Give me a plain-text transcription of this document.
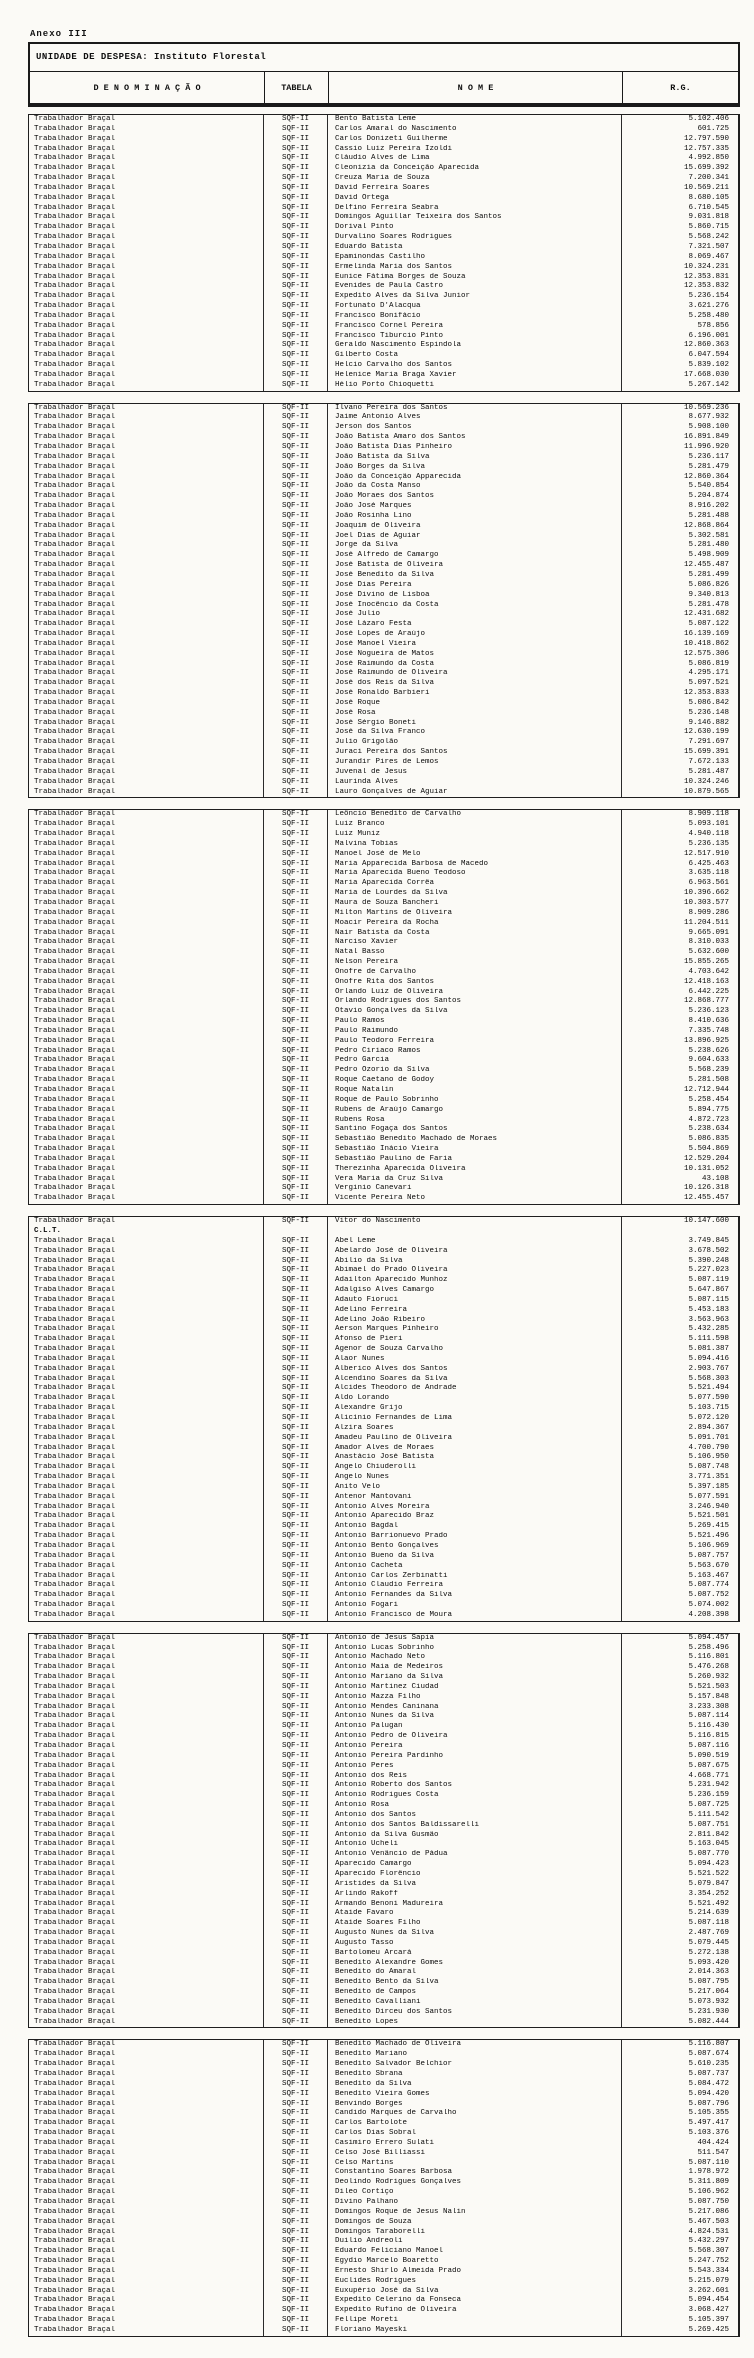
Anexo III
UNIDADE DE DESPESA: Instituto Florestal
D E N O M I N A Ç Ã O	TABELA	N O M E	R.G.
Trabalhador Braçal	SQF-II	Bento Batista Leme	5.102.406
Trabalhador Braçal	SQF-II	Carlos Amaral do Nascimento	601.725
Trabalhador Braçal	SQF-II	Carlos Donizeti Guilherme	12.797.590
Trabalhador Braçal	SQF-II	Cassio Luiz Pereira Izoldi	12.757.335
Trabalhador Braçal	SQF-II	Cláudio Alves de Lima	4.992.850
Trabalhador Braçal	SQF-II	Cleonizia da Conceição Aparecida	15.699.392
Trabalhador Braçal	SQF-II	Creuza Maria de Souza	7.200.341
Trabalhador Braçal	SQF-II	David Ferreira Soares	10.569.211
Trabalhador Braçal	SQF-II	David Ortega	8.680.105
Trabalhador Braçal	SQF-II	Delfino Ferreira Seabra	6.710.545
Trabalhador Braçal	SQF-II	Domingos Aguillar Teixeira dos Santos	9.031.818
Trabalhador Braçal	SQF-II	Dorival Pinto	5.860.715
Trabalhador Braçal	SQF-II	Durvalino Soares Rodrigues	5.568.242
Trabalhador Braçal	SQF-II	Eduardo Batista	7.321.507
Trabalhador Braçal	SQF-II	Epaminondas Castilho	8.069.467
Trabalhador Braçal	SQF-II	Ermelinda Maria dos Santos	10.324.231
Trabalhador Braçal	SQF-II	Eunice Fátima Borges de Souza	12.353.831
Trabalhador Braçal	SQF-II	Evenides de Paula Castro	12.353.832
Trabalhador Braçal	SQF-II	Expedito Alves da Silva Junior	5.236.154
Trabalhador Braçal	SQF-II	Fortunato D'Alacqua	3.621.276
Trabalhador Braçal	SQF-II	Francisco Bonifácio	5.258.480
Trabalhador Braçal	SQF-II	Francisco Cornel Pereira	578.856
Trabalhador Braçal	SQF-II	Francisco Tiburcio Pinto	6.196.001
Trabalhador Braçal	SQF-II	Geraldo Nascimento Espindola	12.860.363
Trabalhador Braçal	SQF-II	Gilberto Costa	6.047.594
Trabalhador Braçal	SQF-II	Helcio Carvalho dos Santos	5.839.102
Trabalhador Braçal	SQF-II	Helenice Maria Braga Xavier	17.668.030
Trabalhador Braçal	SQF-II	Hélio Porto Chioquetti	5.267.142
Trabalhador Braçal	SQF-II	Ilvano Pereira dos Santos	10.569.236
Trabalhador Braçal	SQF-II	Jaime Antonio Alves	8.677.932
Trabalhador Braçal	SQF-II	Jerson dos Santos	5.908.100
Trabalhador Braçal	SQF-II	João Batista Amaro dos Santos	16.891.849
Trabalhador Braçal	SQF-II	João Batista Dias Pinheiro	11.996.920
Trabalhador Braçal	SQF-II	João Batista da Silva	5.236.117
Trabalhador Braçal	SQF-II	João Borges da Silva	5.281.479
Trabalhador Braçal	SQF-II	João da Conceição Apparecida	12.860.364
Trabalhador Braçal	SQF-II	João da Costa Manso	5.540.854
Trabalhador Braçal	SQF-II	João Moraes dos Santos	5.204.874
Trabalhador Braçal	SQF-II	João José Marques	8.916.202
Trabalhador Braçal	SQF-II	João Rosinha Lino	5.281.488
Trabalhador Braçal	SQF-II	Joaquim de Oliveira	12.868.864
Trabalhador Braçal	SQF-II	Joel Dias de Aguiar	5.302.581
Trabalhador Braçal	SQF-II	Jorge da Silva	5.281.480
Trabalhador Braçal	SQF-II	José Alfredo de Camargo	5.498.909
Trabalhador Braçal	SQF-II	José Batista de Oliveira	12.455.487
Trabalhador Braçal	SQF-II	José Benedito da Silva	5.281.499
Trabalhador Braçal	SQF-II	José Dias Pereira	5.086.826
Trabalhador Braçal	SQF-II	José Divino de Lisboa	9.340.813
Trabalhador Braçal	SQF-II	José Inocêncio da Costa	5.281.478
Trabalhador Braçal	SQF-II	José Julio	12.431.682
Trabalhador Braçal	SQF-II	José Lázaro Festa	5.087.122
Trabalhador Braçal	SQF-II	José Lopes de Araújo	16.139.169
Trabalhador Braçal	SQF-II	José Manoel Vieira	10.418.862
Trabalhador Braçal	SQF-II	José Nogueira de Matos	12.575.306
Trabalhador Braçal	SQF-II	José Raimundo da Costa	5.086.819
Trabalhador Braçal	SQF-II	José Raimundo de Oliveira	4.295.171
Trabalhador Braçal	SQF-II	José dos Reis da Silva	5.097.521
Trabalhador Braçal	SQF-II	José Ronaldo Barbieri	12.353.833
Trabalhador Braçal	SQF-II	José Roque	5.086.842
Trabalhador Braçal	SQF-II	José Rosa	5.236.148
Trabalhador Braçal	SQF-II	José Sérgio Boneti	9.146.882
Trabalhador Braçal	SQF-II	José da Silva Franco	12.630.199
Trabalhador Braçal	SQF-II	Julio Grigolão	7.291.697
Trabalhador Braçal	SQF-II	Juraci Pereira dos Santos	15.699.391
Trabalhador Braçal	SQF-II	Jurandir Pires de Lemos	7.672.133
Trabalhador Braçal	SQF-II	Juvenal de Jesus	5.281.487
Trabalhador Braçal	SQF-II	Laurinda Alves	10.324.246
Trabalhador Braçal	SQF-II	Lauro Gonçalves de Aguiar	10.879.565
Trabalhador Braçal	SQF-II	Leôncio Benedito de Carvalho	8.909.118
Trabalhador Braçal	SQF-II	Luiz Branco	5.093.101
Trabalhador Braçal	SQF-II	Luiz Muniz	4.940.118
Trabalhador Braçal	SQF-II	Malvina Tobias	5.236.135
Trabalhador Braçal	SQF-II	Manoel José de Melo	12.517.910
Trabalhador Braçal	SQF-II	Maria Apparecida Barbosa de Macedo	6.425.463
Trabalhador Braçal	SQF-II	Maria Aparecida Bueno Teodoso	3.635.118
Trabalhador Braçal	SQF-II	Maria Aparecida Corrêa	6.963.561
Trabalhador Braçal	SQF-II	Maria de Lourdes da Silva	10.396.662
Trabalhador Braçal	SQF-II	Maura de Souza Bancheri	10.303.577
Trabalhador Braçal	SQF-II	Milton Martins de Oliveira	8.909.286
Trabalhador Braçal	SQF-II	Moacir Pereira da Rocha	11.204.511
Trabalhador Braçal	SQF-II	Nair Batista da Costa	9.665.091
Trabalhador Braçal	SQF-II	Narciso Xavier	8.310.033
Trabalhador Braçal	SQF-II	Natal Basso	5.632.600
Trabalhador Braçal	SQF-II	Nelson Pereira	15.855.265
Trabalhador Braçal	SQF-II	Onofre de Carvalho	4.703.642
Trabalhador Braçal	SQF-II	Onofre Rita dos Santos	12.418.163
Trabalhador Braçal	SQF-II	Orlando Luiz de Oliveira	6.442.225
Trabalhador Braçal	SQF-II	Orlando Rodrigues dos Santos	12.868.777
Trabalhador Braçal	SQF-II	Otavio Gonçalves da Silva	5.236.123
Trabalhador Braçal	SQF-II	Paulo Ramos	8.410.636
Trabalhador Braçal	SQF-II	Paulo Raimundo	7.335.748
Trabalhador Braçal	SQF-II	Paulo Teodoro Ferreira	13.896.925
Trabalhador Braçal	SQF-II	Pedro Ciriaco Ramos	5.238.626
Trabalhador Braçal	SQF-II	Pedro Garcia	9.604.633
Trabalhador Braçal	SQF-II	Pedro Ozorio da Silva	5.568.239
Trabalhador Braçal	SQF-II	Roque Caetano de Godoy	5.281.508
Trabalhador Braçal	SQF-II	Roque Natalin	12.712.944
Trabalhador Braçal	SQF-II	Roque de Paulo Sobrinho	5.258.454
Trabalhador Braçal	SQF-II	Rubens de Araújo Camargo	5.894.775
Trabalhador Braçal	SQF-II	Rubens Rosa	4.872.723
Trabalhador Braçal	SQF-II	Santino Fogaça dos Santos	5.238.634
Trabalhador Braçal	SQF-II	Sebastião Benedito Machado de Moraes	5.086.835
Trabalhador Braçal	SQF-II	Sebastião Inácio Vieira	5.504.869
Trabalhador Braçal	SQF-II	Sebastião Paulino de Faria	12.529.204
Trabalhador Braçal	SQF-II	Therezinha Aparecida Oliveira	10.131.052
Trabalhador Braçal	SQF-II	Vera Maria da Cruz Silva	43.108
Trabalhador Braçal	SQF-II	Verginio Canevari	10.126.318
Trabalhador Braçal	SQF-II	Vicente Pereira Neto	12.455.457
Trabalhador Braçal	SQF-II	Vitor do Nascimento	10.147.600
C.L.T.
Trabalhador Braçal	SQF-II	Abel Leme	3.749.845
Trabalhador Braçal	SQF-II	Abelardo José de Oliveira	3.678.502
Trabalhador Braçal	SQF-II	Abilio da Silva	5.390.248
Trabalhador Braçal	SQF-II	Abimael do Prado Oliveira	5.227.023
Trabalhador Braçal	SQF-II	Adailton Aparecido Munhoz	5.087.119
Trabalhador Braçal	SQF-II	Adalgiso Alves Camargo	5.647.867
Trabalhador Braçal	SQF-II	Adauto Fioruci	5.087.115
Trabalhador Braçal	SQF-II	Adelino Ferreira	5.453.183
Trabalhador Braçal	SQF-II	Adelino João Ribeiro	3.563.963
Trabalhador Braçal	SQF-II	Aerson Marques Pinheiro	5.432.285
Trabalhador Braçal	SQF-II	Afonso de Pieri	5.111.598
Trabalhador Braçal	SQF-II	Agenor de Souza Carvalho	5.081.387
Trabalhador Braçal	SQF-II	Alaor Nunes	5.094.416
Trabalhador Braçal	SQF-II	Alberico Alves dos Santos	2.903.767
Trabalhador Braçal	SQF-II	Alcendino Soares da Silva	5.568.303
Trabalhador Braçal	SQF-II	Alcides Theodoro de Andrade	5.521.494
Trabalhador Braçal	SQF-II	Aldo Lorando	5.077.590
Trabalhador Braçal	SQF-II	Alexandre Grijo	5.103.715
Trabalhador Braçal	SQF-II	Alicínio Fernandes de Lima	5.072.120
Trabalhador Braçal	SQF-II	Alzira Soares	2.894.367
Trabalhador Braçal	SQF-II	Amadeu Paulino de Oliveira	5.091.701
Trabalhador Braçal	SQF-II	Amador Alves de Moraes	4.700.790
Trabalhador Braçal	SQF-II	Anastácio José Batista	5.106.950
Trabalhador Braçal	SQF-II	Angelo Chiuderolli	5.087.748
Trabalhador Braçal	SQF-II	Angelo Nunes	3.771.351
Trabalhador Braçal	SQF-II	Anito Velo	5.397.185
Trabalhador Braçal	SQF-II	Antenor Mantovani	5.077.591
Trabalhador Braçal	SQF-II	Antonio Alves Moreira	3.246.940
Trabalhador Braçal	SQF-II	Antonio Aparecido Braz	5.521.501
Trabalhador Braçal	SQF-II	Antonio Bagdal	5.269.415
Trabalhador Braçal	SQF-II	Antonio Barrionuevo Prado	5.521.496
Trabalhador Braçal	SQF-II	Antonio Bento Gonçalves	5.106.969
Trabalhador Braçal	SQF-II	Antonio Bueno da Silva	5.087.757
Trabalhador Braçal	SQF-II	Antonio Cacheta	5.563.670
Trabalhador Braçal	SQF-II	Antonio Carlos Zerbinatti	5.163.467
Trabalhador Braçal	SQF-II	Antonio Claudio Ferreira	5.087.774
Trabalhador Braçal	SQF-II	Antonio Fernandes da Silva	5.087.752
Trabalhador Braçal	SQF-II	Antonio Fogari	5.074.002
Trabalhador Braçal	SQF-II	Antonio Francisco de Moura	4.208.398
Trabalhador Braçal	SQF-II	Antonio de Jesus Sapia	5.094.457
Trabalhador Braçal	SQF-II	Antonio Lucas Sobrinho	5.258.496
Trabalhador Braçal	SQF-II	Antonio Machado Neto	5.116.801
Trabalhador Braçal	SQF-II	Antonio Maia de Medeiros	5.476.268
Trabalhador Braçal	SQF-II	Antonio Mariano da Silva	5.260.932
Trabalhador Braçal	SQF-II	Antonio Martinez Ciudad	5.521.503
Trabalhador Braçal	SQF-II	Antonio Mazza Filho	5.157.848
Trabalhador Braçal	SQF-II	Antonio Mendes Caninana	3.233.308
Trabalhador Braçal	SQF-II	Antonio Nunes da Silva	5.087.114
Trabalhador Braçal	SQF-II	Antonio Palugan	5.116.430
Trabalhador Braçal	SQF-II	Antonio Pedro de Oliveira	5.116.815
Trabalhador Braçal	SQF-II	Antonio Pereira	5.087.116
Trabalhador Braçal	SQF-II	Antonio Pereira Pardinho	5.090.519
Trabalhador Braçal	SQF-II	Antonio Peres	5.087.675
Trabalhador Braçal	SQF-II	Antonio dos Reis	4.668.771
Trabalhador Braçal	SQF-II	Antonio Roberto dos Santos	5.231.942
Trabalhador Braçal	SQF-II	Antonio Rodrigues Costa	5.236.159
Trabalhador Braçal	SQF-II	Antonio Rosa	5.087.725
Trabalhador Braçal	SQF-II	Antonio dos Santos	5.111.542
Trabalhador Braçal	SQF-II	Antonio dos Santos Baldissarelli	5.087.751
Trabalhador Braçal	SQF-II	Antonio da Silva Gusmão	2.811.842
Trabalhador Braçal	SQF-II	Antonio Ucheli	5.163.045
Trabalhador Braçal	SQF-II	Antonio Venâncio de Pádua	5.087.770
Trabalhador Braçal	SQF-II	Aparecido Camargo	5.094.423
Trabalhador Braçal	SQF-II	Aparecido Florêncio	5.521.522
Trabalhador Braçal	SQF-II	Aristides da Silva	5.079.847
Trabalhador Braçal	SQF-II	Arlindo Rakoff	3.354.252
Trabalhador Braçal	SQF-II	Armando Benoni Madureira	5.521.492
Trabalhador Braçal	SQF-II	Ataide Favaro	5.214.639
Trabalhador Braçal	SQF-II	Ataíde Soares Filho	5.087.118
Trabalhador Braçal	SQF-II	Augusto Nunes da Silva	2.487.769
Trabalhador Braçal	SQF-II	Augusto Tasso	5.079.445
Trabalhador Braçal	SQF-II	Bartolomeu Arcará	5.272.138
Trabalhador Braçal	SQF-II	Benedito Alexandre Gomes	5.093.420
Trabalhador Braçal	SQF-II	Benedito do Amaral	2.014.363
Trabalhador Braçal	SQF-II	Benedito Bento da Silva	5.087.795
Trabalhador Braçal	SQF-II	Benedito de Campos	5.217.064
Trabalhador Braçal	SQF-II	Benedito Cavalliani	5.073.932
Trabalhador Braçal	SQF-II	Benedito Dirceu dos Santos	5.231.930
Trabalhador Braçal	SQF-II	Benedito Lopes	5.082.444
Trabalhador Braçal	SQF-II	Benedito Machado de Oliveira	5.116.807
Trabalhador Braçal	SQF-II	Benedito Mariano	5.087.674
Trabalhador Braçal	SQF-II	Benedito Salvador Belchior	5.610.235
Trabalhador Braçal	SQF-II	Benedito Sbrana	5.087.737
Trabalhador Braçal	SQF-II	Benedito da Silva	5.084.472
Trabalhador Braçal	SQF-II	Benedito Vieira Gomes	5.094.420
Trabalhador Braçal	SQF-II	Benvindo Borges	5.087.796
Trabalhador Braçal	SQF-II	Candido Marques de Carvalho	5.105.355
Trabalhador Braçal	SQF-II	Carlos Bartolote	5.497.417
Trabalhador Braçal	SQF-II	Carlos Dias Sobral	5.103.376
Trabalhador Braçal	SQF-II	Casimiro Errero Sulati	404.424
Trabalhador Braçal	SQF-II	Celso José Billiassi	511.547
Trabalhador Braçal	SQF-II	Celso Martins	5.087.110
Trabalhador Braçal	SQF-II	Constantino Soares Barbosa	1.978.972
Trabalhador Braçal	SQF-II	Deolindo Rodrigues Gonçalves	5.311.809
Trabalhador Braçal	SQF-II	Dileo Cortiço	5.106.962
Trabalhador Braçal	SQF-II	Divino Palhano	5.087.750
Trabalhador Braçal	SQF-II	Domingos Roque de Jesus Nalin	5.217.086
Trabalhador Braçal	SQF-II	Domingos de Souza	5.467.503
Trabalhador Braçal	SQF-II	Domingos Taraborelli	4.824.531
Trabalhador Braçal	SQF-II	Duilio Andreoli	5.432.297
Trabalhador Braçal	SQF-II	Eduardo Feliciano Manoel	5.568.307
Trabalhador Braçal	SQF-II	Egydio Marcelo Boaretto	5.247.752
Trabalhador Braçal	SQF-II	Ernesto Shirlo Almeida Prado	5.543.334
Trabalhador Braçal	SQF-II	Euclides Rodrigues	5.215.079
Trabalhador Braçal	SQF-II	Euxupério José da Silva	3.262.601
Trabalhador Braçal	SQF-II	Expedito Celerino da Fonseca	5.094.454
Trabalhador Braçal	SQF-II	Expedito Rufino de Oliveira	3.068.427
Trabalhador Braçal	SQF-II	Fellipe Moreti	5.105.397
Trabalhador Braçal	SQF-II	Floriano Mayeski	5.269.425
